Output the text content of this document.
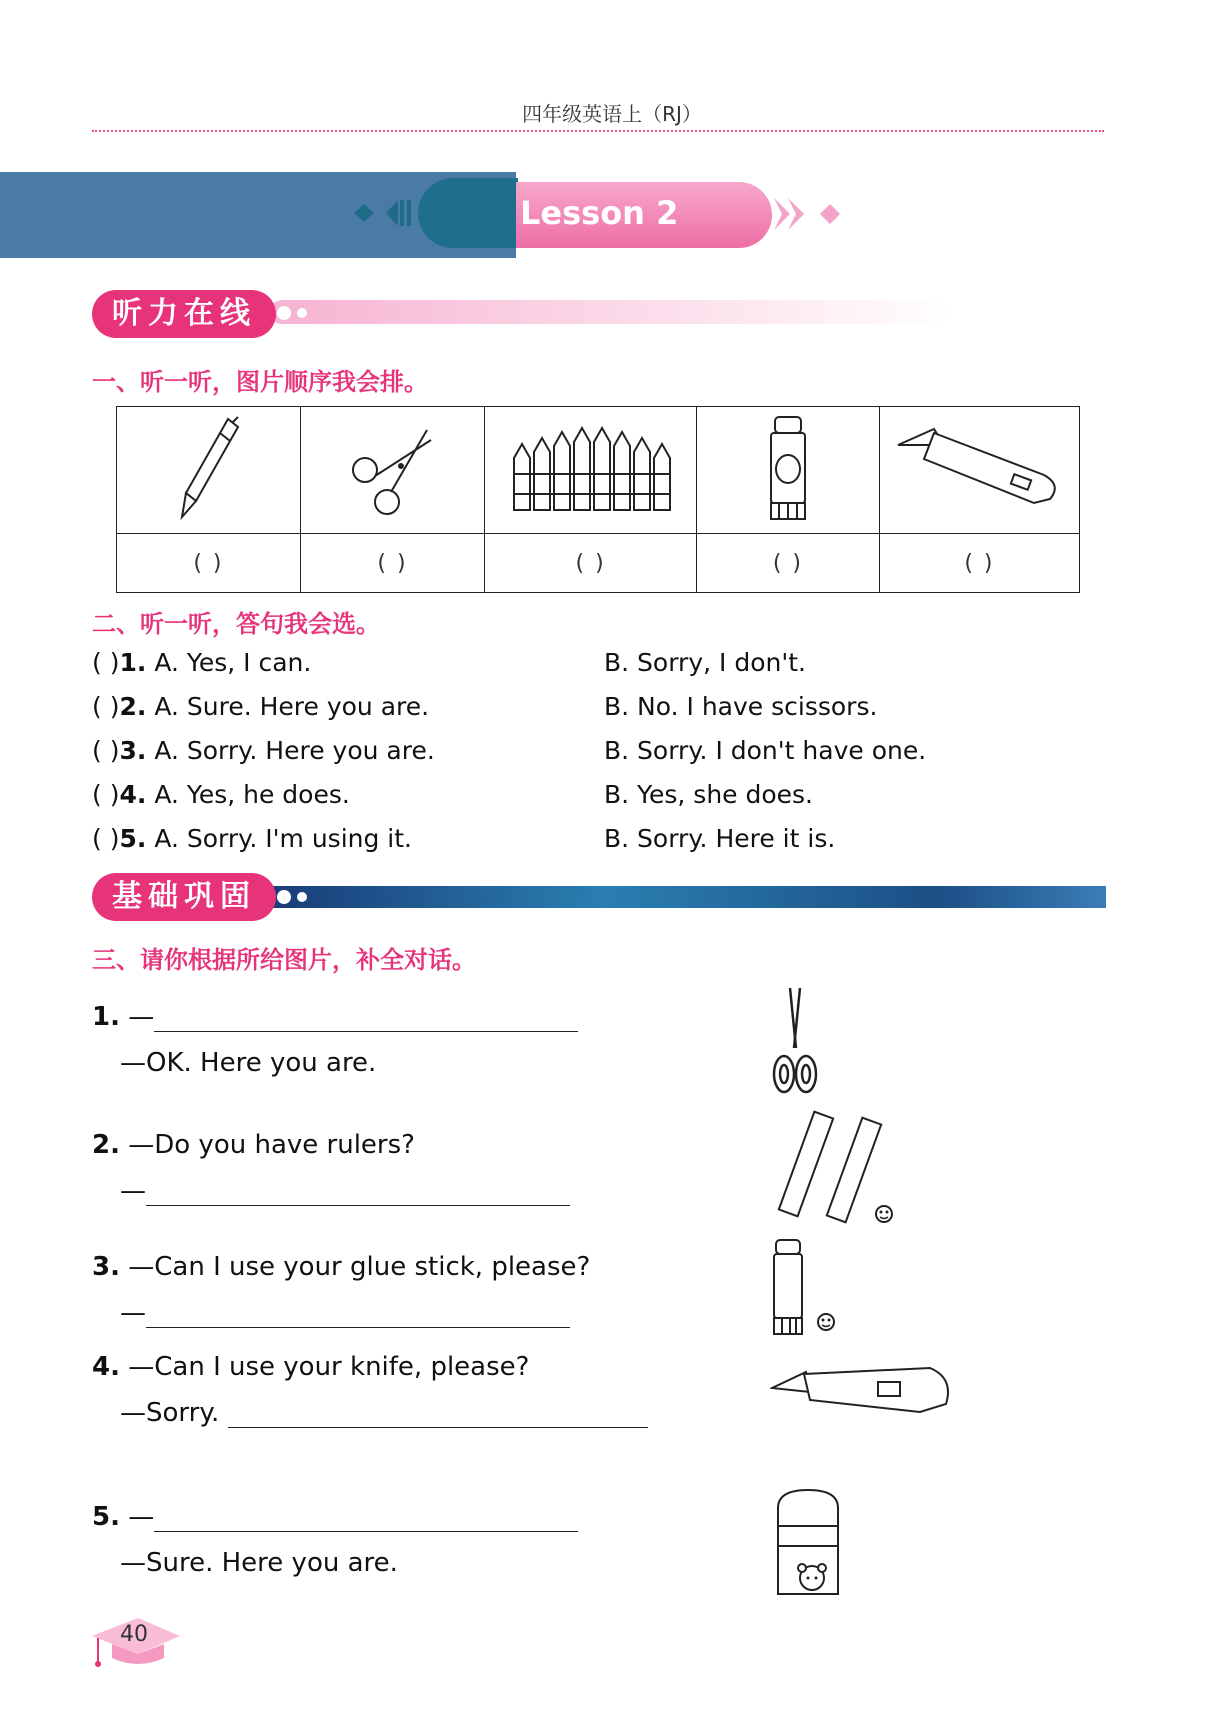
四年级英语上（RJ）
Lesson 2
听力在线
一、听一听，图片顺序我会排。

( )	( )	( )	( )	( )
二、听一听，答句我会选。
( )1. A. Yes, I can.	B. Sorry, I don't.
( )2. A. Sure. Here you are.	B. No. I have scissors.
( )3. A. Sorry. Here you are.	B. Sorry. I don't have one.
( )4. A. Yes, he does.	B. Yes, she does.
( )5. A. Sorry. I'm using it.	B. Sorry. Here it is.
基础巩固
三、请你根据所给图片，补全对话。
1. —
—OK. Here you are.
2. —Do you have rulers?
—
3. —Can I use your glue stick, please?
—
4. —Can I use your knife, please?
—Sorry.
5. —
—Sure. Here you are.
40
